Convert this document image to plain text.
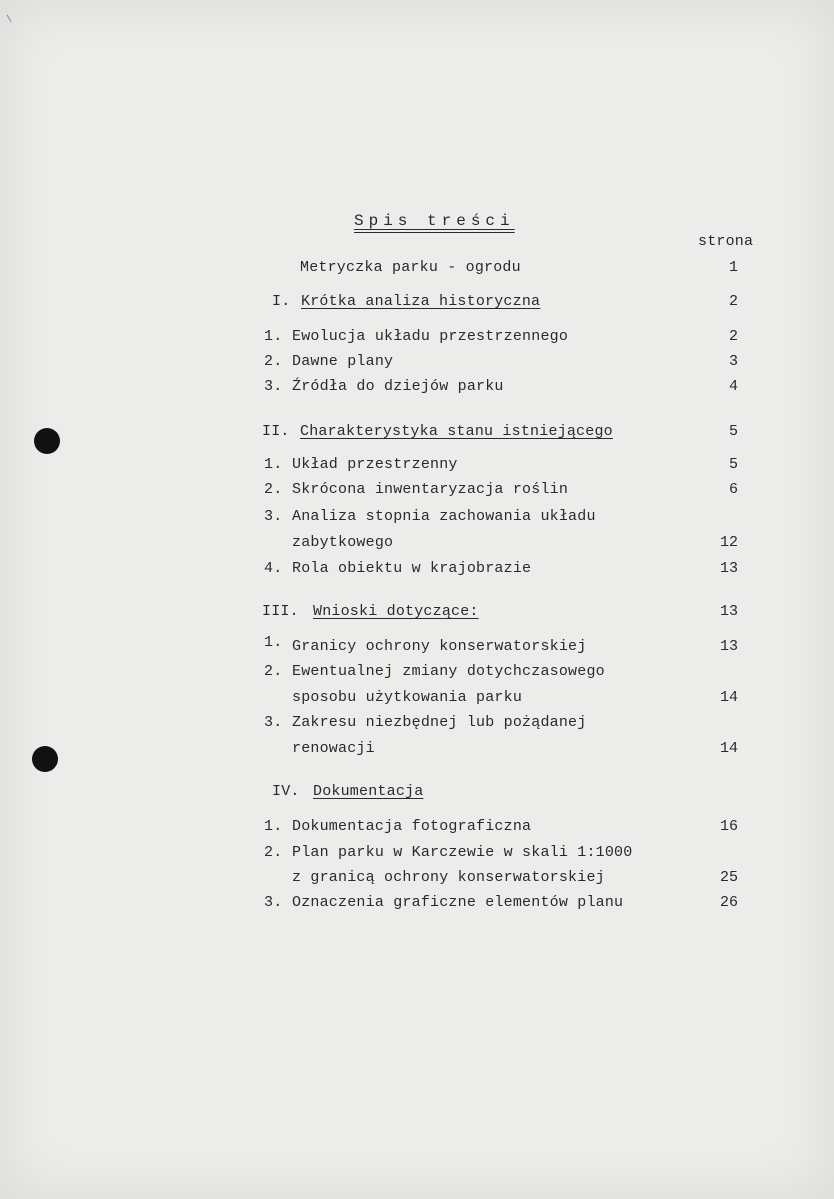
/
Spis treści
strona
Metryczka parku - ogrodu	1
I. Krótka analiza historyczna	2
1. Ewolucja układu przestrzennego	2
2. Dawne plany	3
3. Źródła do dziejów parku	4
II. Charakterystyka stanu istniejącego	5
1. Układ przestrzenny	5
2. Skrócona inwentaryzacja roślin	6
3. Analiza stopnia zachowania układu
zabytkowego	12
4. Rola obiektu w krajobrazie	13
III. Wnioski dotyczące:	13
1. Granicy ochrony konserwatorskiej	13
2. Ewentualnej zmiany dotychczasowego
sposobu użytkowania parku	14
3. Zakresu niezbędnej lub pożądanej
renowacji	14
IV. Dokumentacja
1. Dokumentacja fotograficzna	16
2. Plan parku w Karczewie w skali 1:1000
z granicą ochrony konserwatorskiej	25
3. Oznaczenia graficzne elementów planu	26
